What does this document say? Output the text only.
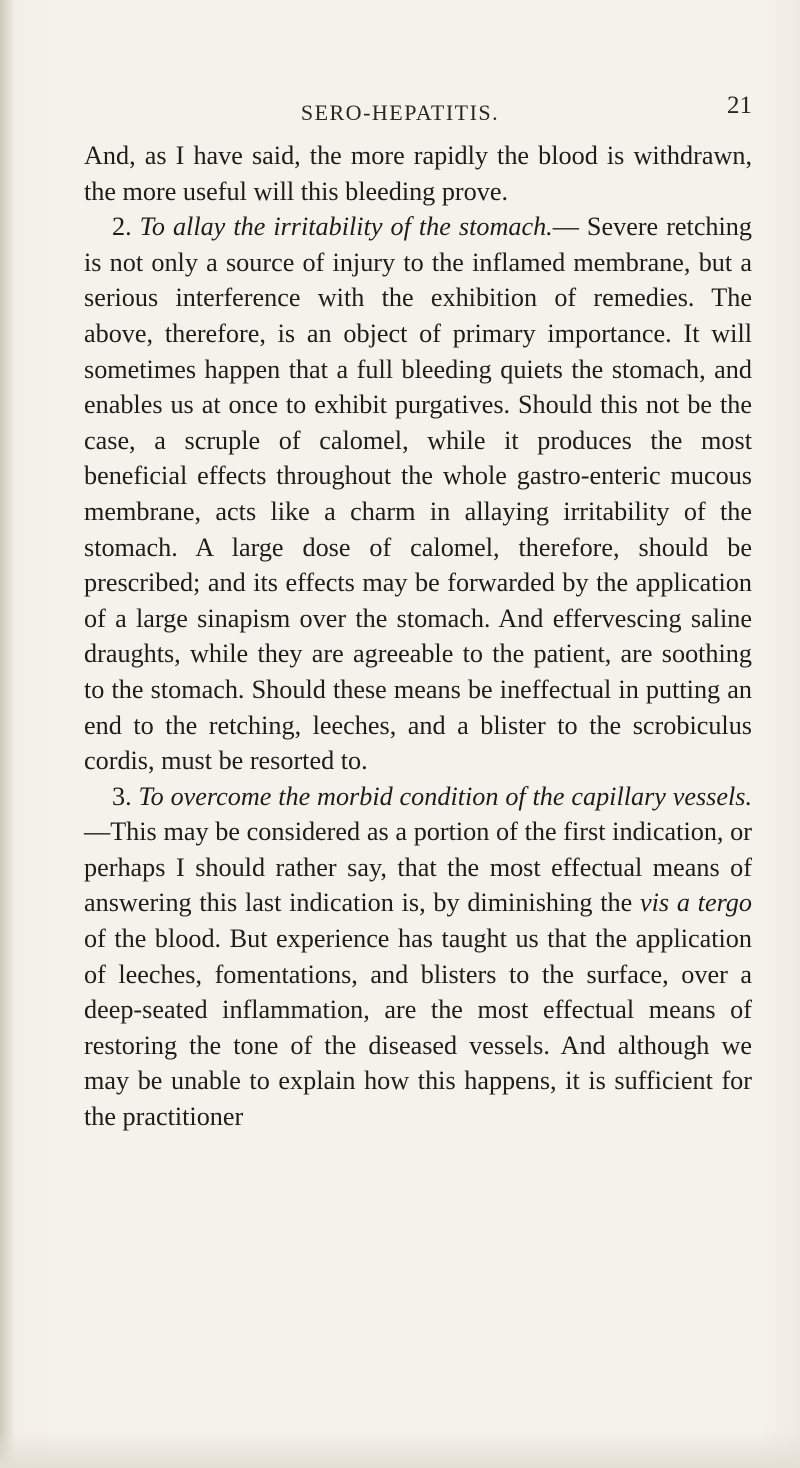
SERO-HEPATITIS.	21

And, as I have said, the more rapidly the blood is withdrawn, the more useful will this bleeding prove.

2. To allay the irritability of the stomach.— Severe retching is not only a source of injury to the inflamed membrane, but a serious interference with the exhibition of remedies. The above, therefore, is an object of primary importance. It will sometimes happen that a full bleeding quiets the stomach, and enables us at once to exhibit purgatives. Should this not be the case, a scruple of calomel, while it produces the most beneficial effects throughout the whole gastro-enteric mucous membrane, acts like a charm in allaying irritability of the stomach. A large dose of calomel, therefore, should be prescribed; and its effects may be forwarded by the application of a large sinapism over the stomach. And effervescing saline draughts, while they are agreeable to the patient, are soothing to the stomach. Should these means be ineffectual in putting an end to the retching, leeches, and a blister to the scrobiculus cordis, must be resorted to.

3. To overcome the morbid condition of the capillary vessels.—This may be considered as a portion of the first indication, or perhaps I should rather say, that the most effectual means of answering this last indication is, by diminishing the vis a tergo of the blood. But experience has taught us that the application of leeches, fomentations, and blisters to the surface, over a deep-seated inflammation, are the most effectual means of restoring the tone of the diseased vessels. And although we may be unable to explain how this happens, it is sufficient for the practitioner
